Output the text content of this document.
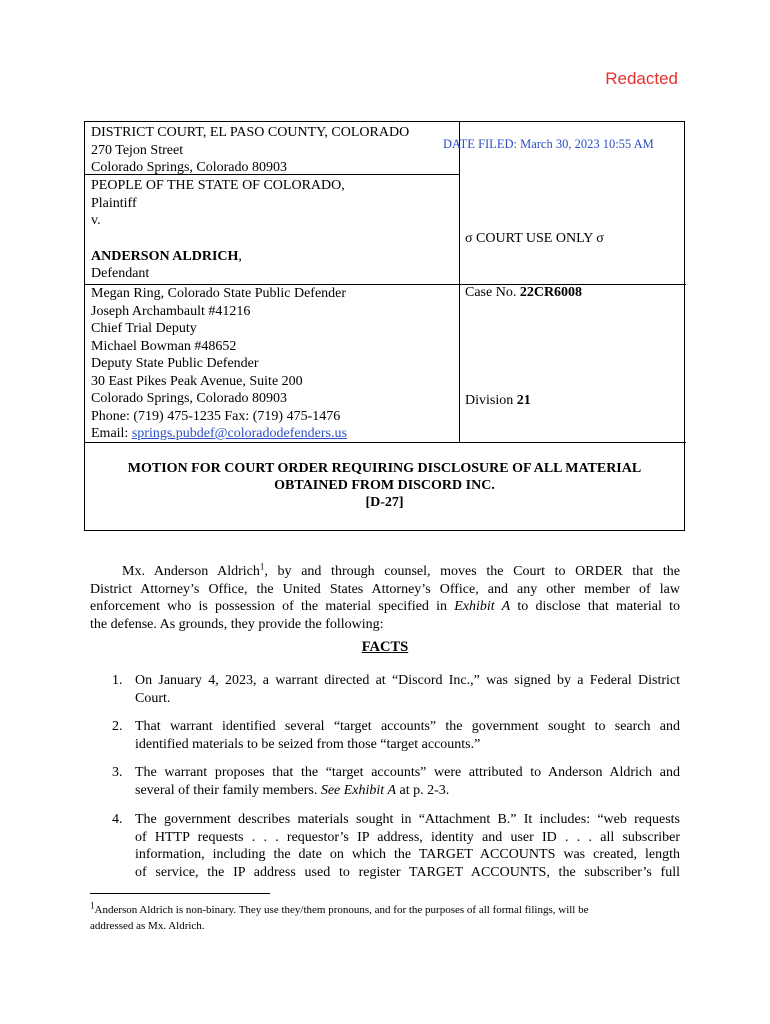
Redacted
DISTRICT COURT, EL PASO COUNTY, COLORADO
270 Tejon Street
Colorado Springs, Colorado 80903
DATE FILED: March 30, 2023 10:55 AM
PEOPLE OF THE STATE OF COLORADO,
Plaintiff
v.
ANDERSON ALDRICH,
Defendant
σ COURT USE ONLY σ
Megan Ring, Colorado State Public Defender
Joseph Archambault #41216
Chief Trial Deputy
Michael Bowman #48652
Deputy State Public Defender
30 East Pikes Peak Avenue, Suite 200
Colorado Springs, Colorado 80903
Phone: (719) 475-1235 Fax: (719) 475-1476
Email: springs.pubdef@coloradodefenders.us
Case No. 22CR6008
Division 21
MOTION FOR COURT ORDER REQUIRING DISCLOSURE OF ALL MATERIAL
OBTAINED FROM DISCORD INC.
[D-27]
Mx. Anderson Aldrich$^1$, by and through counsel, moves the Court to ORDER that the
District Attorney’s Office, the United States Attorney’s Office, and any other member of law
enforcement who is possession of the material specified in Exhibit A to disclose that material to
the defense. As grounds, they provide the following:
FACTS
1. On January 4, 2023, a warrant directed at “Discord Inc.,” was signed by a Federal District
Court.
2. That warrant identified several “target accounts” the government sought to search and
identified materials to be seized from those “target accounts.”
3. The warrant proposes that the “target accounts” were attributed to Anderson Aldrich and
several of their family members. See Exhibit A at p. 2-3.
4. The government describes materials sought in “Attachment B.” It includes: “web requests
of HTTP requests . . . requestor’s IP address, identity and user ID . . . all subscriber
information, including the date on which the TARGET ACCOUNTS was created, length
of service, the IP address used to register TARGET ACCOUNTS, the subscriber’s full
$^1$Anderson Aldrich is non-binary. They use they/them pronouns, and for the purposes of all formal filings, will be
addressed as Mx. Aldrich.
